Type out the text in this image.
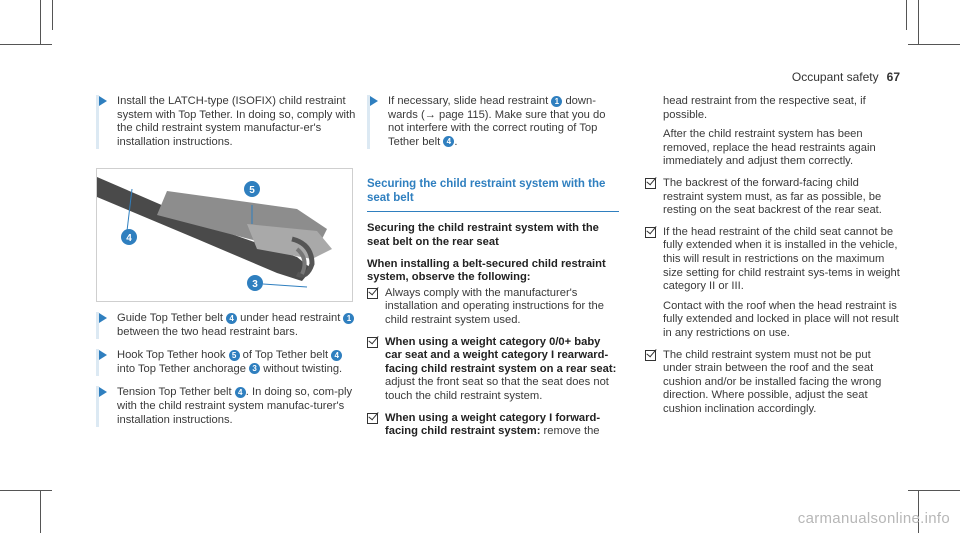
Occupant safety 67

Install the LATCH-type (ISOFIX) child restraint system with Top Tether. In doing so, comply with the child restraint system manufactur-er's installation instructions.

5
4
3

Guide Top Tether belt 4 under head restraint 1 between the two head restraint bars.

Hook Top Tether hook 5 of Top Tether belt 4 into Top Tether anchorage 3 without twisting.

Tension Top Tether belt 4 . In doing so, com-ply with the child restraint system manufac-turer's installation instructions.

If necessary, slide head restraint 1 down-wards (→ page 115). Make sure that you do not interfere with the correct routing of Top Tether belt 4 .

Securing the child restraint system with the seat belt

Securing the child restraint system with the seat belt on the rear seat

When installing a belt-secured child restraint system, observe the following:

Always comply with the manufacturer's installation and operating instructions for the child restraint system used.

When using a weight category 0/0+ baby car seat and a weight category I rearward-facing child restraint system on a rear seat: adjust the front seat so that the seat does not touch the child restraint system.

When using a weight category I forward-facing child restraint system: remove the

head restraint from the respective seat, if possible.

After the child restraint system has been removed, replace the head restraints again immediately and adjust them correctly.

The backrest of the forward-facing child restraint system must, as far as possible, be resting on the seat backrest of the rear seat.

If the head restraint of the child seat cannot be fully extended when it is installed in the vehicle, this will result in restrictions on the maximum size setting for child restraint sys-tems in weight category II or III.

Contact with the roof when the head restraint is fully extended and locked in place will not result in any restrictions on use.

The child restraint system must not be put under strain between the roof and the seat cushion and/or be installed facing the wrong direction. Where possible, adjust the seat cushion inclination accordingly.

carmanualsonline.info
